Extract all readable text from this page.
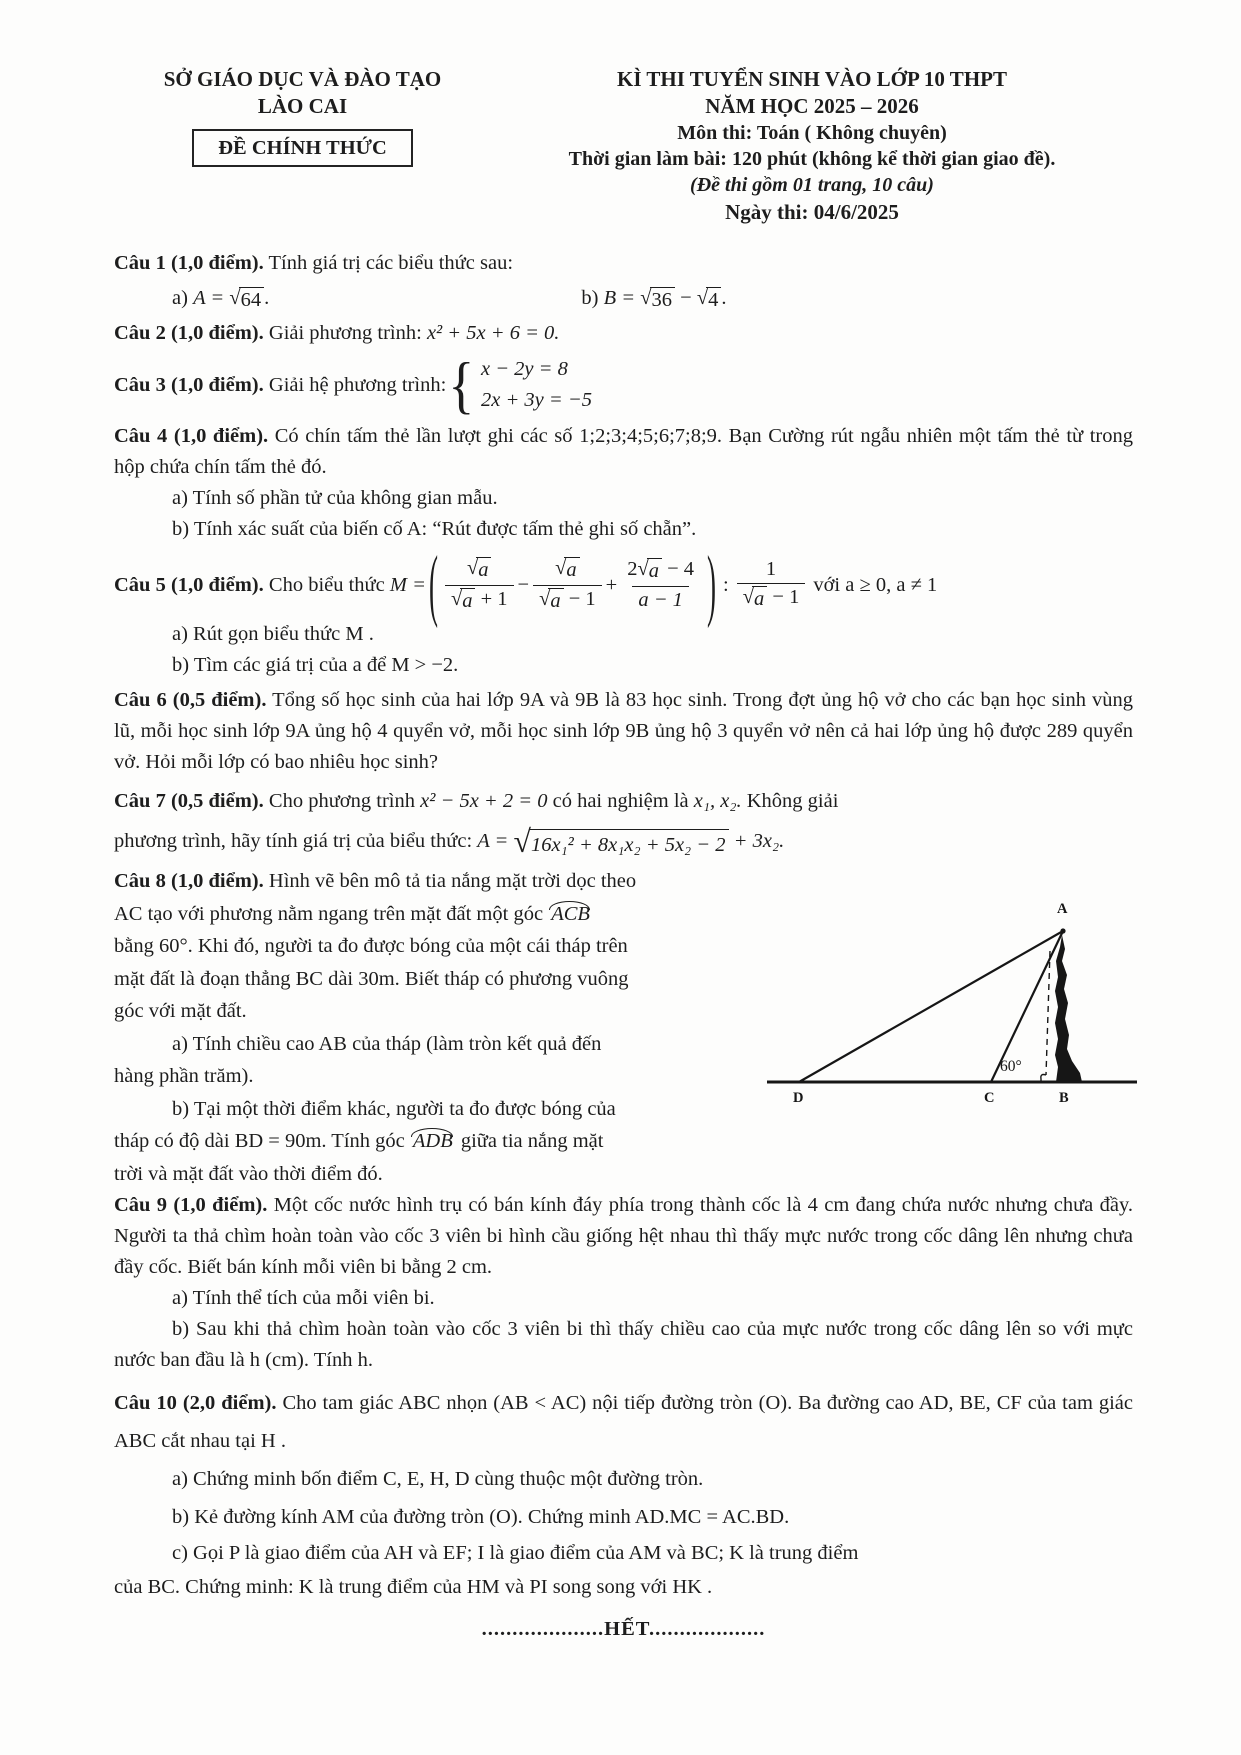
SỞ GIÁO DỤC VÀ ĐÀO TẠO
LÀO CAI
ĐỀ CHÍNH THỨC
KÌ THI TUYỂN SINH VÀO LỚP 10 THPT
NĂM HỌC 2025 – 2026
Môn thi: Toán ( Không chuyên)
Thời gian làm bài: 120 phút (không kể thời gian giao đề).
(Đề thi gồm 01 trang, 10 câu)
Ngày thi: 04/6/2025
Câu 1 (1,0 điểm). Tính giá trị các biểu thức sau:
a) A = √ 64 .	b) B = √ 36 − √ 4 .
Câu 2 (1,0 điểm). Giải phương trình: x² + 5x + 6 = 0.
Câu 3 (1,0 điểm).
Giải hệ phương trình: { x − 2y = 8
2x + 3y = −5
Câu 4 (1,0 điểm). Có chín tấm thẻ lần lượt ghi các số 1;2;3;4;5;6;7;8;9. Bạn Cường rút ngẫu nhiên một tấm thẻ từ trong hộp chứa chín tấm thẻ đó.
a) Tính số phần tử của không gian mẫu.
b) Tính xác suất của biến cố A: “Rút được tấm thẻ ghi số chẵn”.
Câu 5 (1,0 điểm).
Cho biểu thức
M = ( $\frac{√ a}{√ a + 1} - \frac{√ a}{√ a - 1} + \frac{2 √ a - 4}{a - 1}$ ) : $\frac{1}{√ a - 1}$ với a ≥ 0, a ≠ 1
a) Rút gọn biểu thức M .
b) Tìm các giá trị của a để M > −2.
Câu 6 (0,5 điểm). Tổng số học sinh của hai lớp 9A và 9B là 83 học sinh. Trong đợt ủng hộ vở cho các bạn học sinh vùng lũ, mỗi học sinh lớp 9A ủng hộ 4 quyển vở, mỗi học sinh lớp 9B ủng hộ 3 quyển vở nên cả hai lớp ủng hộ được 289 quyển vở. Hỏi mỗi lớp có bao nhiêu học sinh?
Câu 7 (0,5 điểm). Cho phương trình x² − 5x + 2 = 0 có hai nghiệm là x₁, x₂. Không giải
phương trình, hãy tính giá trị của biểu thức:
A =
√ 16x₁² + 8x₁x₂ + 5x₂ − 2
+ 3x₂.
Câu 8 (1,0 điểm). Hình vẽ bên mô tả tia nắng mặt trời dọc theo
AC tạo với phương nằm ngang trên mặt đất một góc ACB
bằng 60°. Khi đó, người ta đo được bóng của một cái tháp trên
mặt đất là đoạn thẳng BC dài 30m. Biết tháp có phương vuông
góc với mặt đất.
a) Tính chiều cao AB của tháp (làm tròn kết quả đến
hàng phần trăm).
b) Tại một thời điểm khác, người ta đo được bóng của
tháp có độ dài BD = 90m. Tính góc ADB giữa tia nắng mặt
trời và mặt đất vào thời điểm đó.
A
D	C	B
60°
Câu 9 (1,0 điểm). Một cốc nước hình trụ có bán kính đáy phía trong thành cốc là 4 cm đang chứa nước nhưng chưa đầy. Người ta thả chìm hoàn toàn vào cốc 3 viên bi hình cầu giống hệt nhau thì thấy mực nước trong cốc dâng lên nhưng chưa đầy cốc. Biết bán kính mỗi viên bi bằng 2 cm.
a) Tính thể tích của mỗi viên bi.
b) Sau khi thả chìm hoàn toàn vào cốc 3 viên bi thì thấy chiều cao của mực nước trong cốc dâng lên so với mực nước ban đầu là h (cm). Tính h.
Câu 10 (2,0 điểm). Cho tam giác ABC nhọn (AB < AC) nội tiếp đường tròn (O). Ba đường cao AD, BE, CF của tam giác ABC cắt nhau tại H .
a) Chứng minh bốn điểm C, E, H, D cùng thuộc một đường tròn.
b) Kẻ đường kính AM của đường tròn (O). Chứng minh AD.MC = AC.BD.
c) Gọi P là giao điểm của AH và EF; I là giao điểm của AM và BC; K là trung điểm
của BC. Chứng minh: K là trung điểm của HM và PI song song với HK .
....................HẾT...................
